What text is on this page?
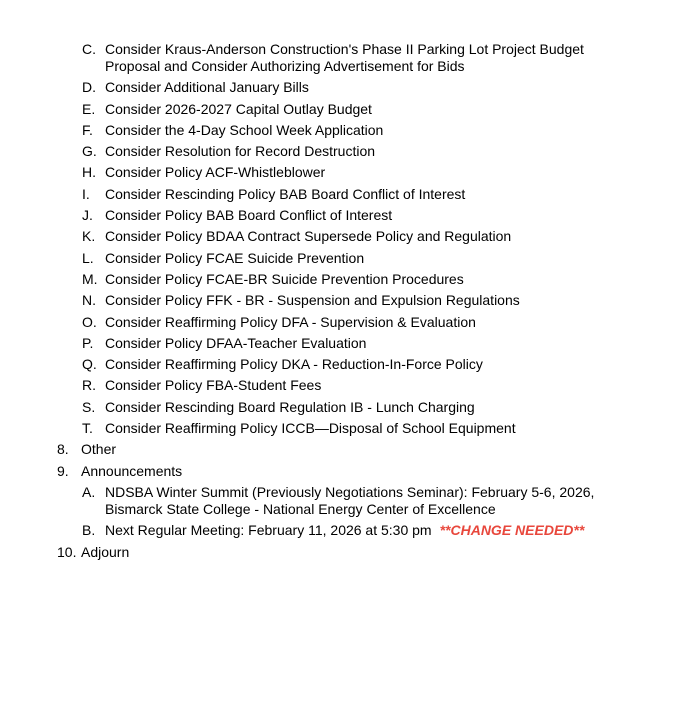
C. Consider Kraus-Anderson Construction's Phase II Parking Lot Project Budget Proposal and Consider Authorizing Advertisement for Bids
D. Consider Additional January Bills
E. Consider 2026-2027 Capital Outlay Budget
F. Consider the 4-Day School Week Application
G. Consider Resolution for Record Destruction
H. Consider Policy ACF-Whistleblower
I. Consider Rescinding Policy BAB Board Conflict of Interest
J. Consider Policy BAB Board Conflict of Interest
K. Consider Policy BDAA Contract Supersede Policy and Regulation
L. Consider Policy FCAE Suicide Prevention
M. Consider Policy FCAE-BR Suicide Prevention Procedures
N. Consider Policy FFK - BR - Suspension and Expulsion Regulations
O. Consider Reaffirming Policy DFA - Supervision & Evaluation
P. Consider Policy DFAA-Teacher Evaluation
Q. Consider Reaffirming Policy DKA - Reduction-In-Force Policy
R. Consider Policy FBA-Student Fees
S. Consider Rescinding Board Regulation IB - Lunch Charging
T. Consider Reaffirming Policy ICCB—Disposal of School Equipment
8. Other
9. Announcements
A. NDSBA Winter Summit (Previously Negotiations Seminar): February 5-6, 2026, Bismarck State College - National Energy Center of Excellence
B. Next Regular Meeting: February 11, 2026 at 5:30 pm **CHANGE NEEDED**
10. Adjourn
